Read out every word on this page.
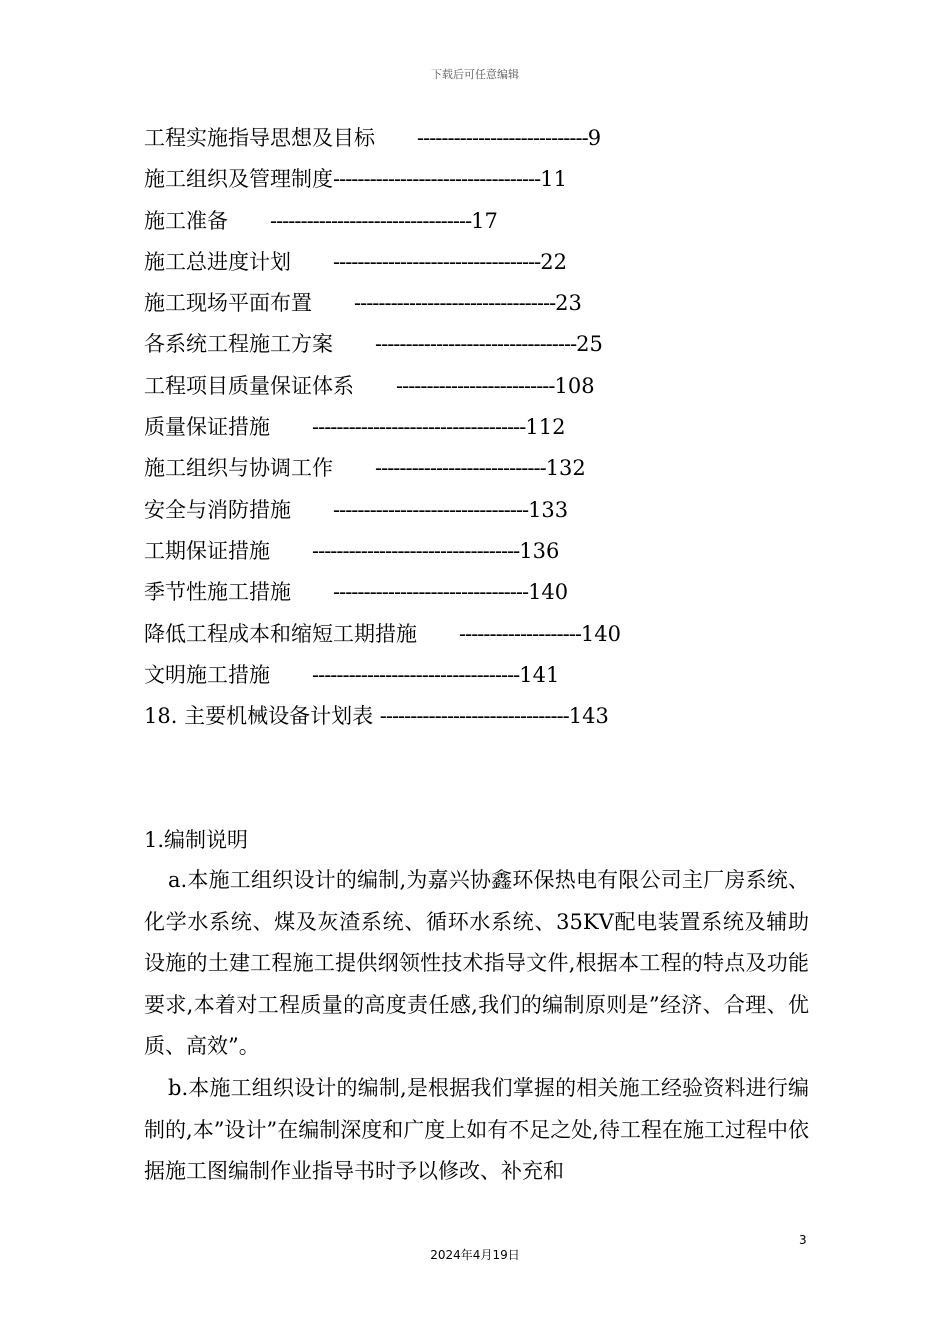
下载后可任意编辑
工程实施指导思想及目标　　 ----------------------------9
施工组织及管理制度----------------------------------11
施工准备　　 ---------------------------------17
施工总进度计划　　 ----------------------------------22
施工现场平面布置　　 ---------------------------------23
各系统工程施工方案　　 ---------------------------------25
工程项目质量保证体系　　 --------------------------108
质量保证措施　　 -----------------------------------112
施工组织与协调工作　　 ----------------------------132
安全与消防措施　　 --------------------------------133
工期保证措施　　 ----------------------------------136
季节性施工措施　　 --------------------------------140
降低工程成本和缩短工期措施　　 --------------------140
文明施工措施　　 ----------------------------------141
18. 主要机械设备计划表 -------------------------------143

1.编制说明

a.本施工组织设计的编制,为嘉兴协鑫环保热电有限公司主厂房系统、化学水系统、煤及灰渣系统、循环水系统、35KV配电装置系统及辅助设施的土建工程施工提供纲领性技术指导文件,根据本工程的特点及功能要求,本着对工程质量的高度责任感,我们的编制原则是”经济、合理、优质、高效”。

b.本施工组织设计的编制,是根据我们掌握的相关施工经验资料进行编制的,本”设计”在编制深度和广度上如有不足之处,待工程在施工过程中依据施工图编制作业指导书时予以修改、补充和

3
2024年4月19日
